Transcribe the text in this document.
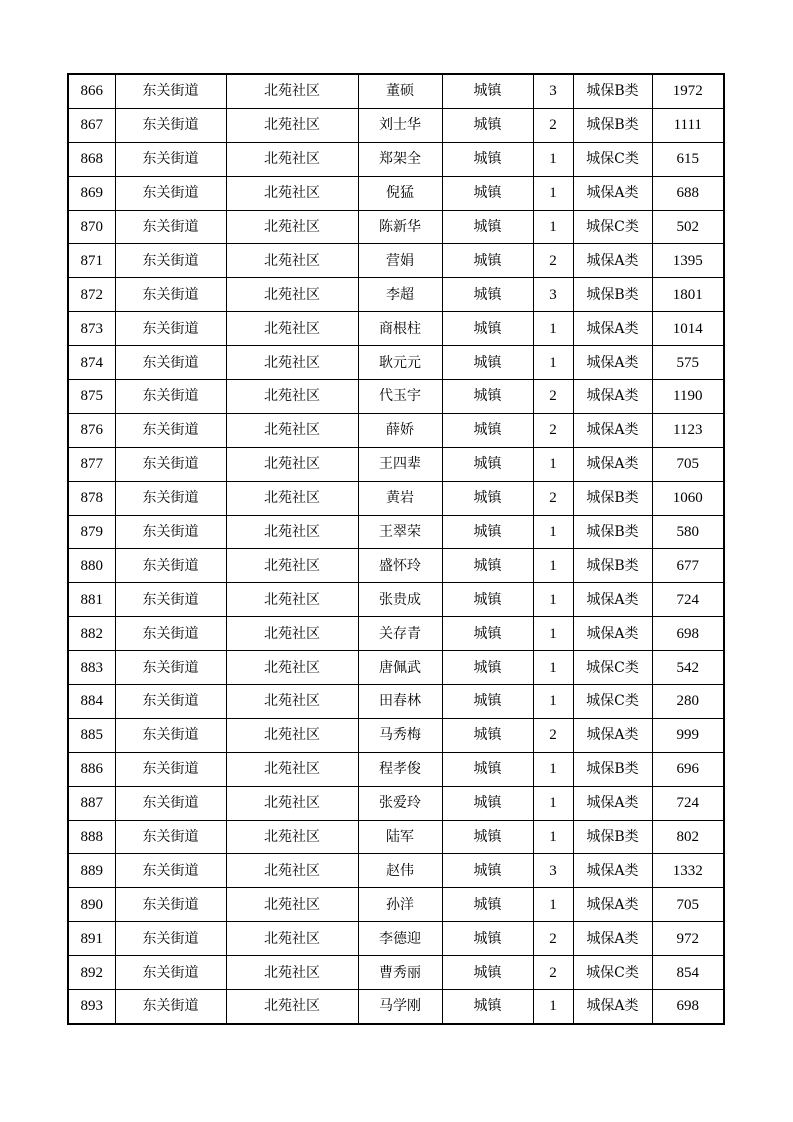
866	东关街道	北苑社区	董硕	城镇	3	城保B类	1972
867	东关街道	北苑社区	刘士华	城镇	2	城保B类	1111
868	东关街道	北苑社区	郑架全	城镇	1	城保C类	615
869	东关街道	北苑社区	倪猛	城镇	1	城保A类	688
870	东关街道	北苑社区	陈新华	城镇	1	城保C类	502
871	东关街道	北苑社区	营娟	城镇	2	城保A类	1395
872	东关街道	北苑社区	李超	城镇	3	城保B类	1801
873	东关街道	北苑社区	商根柱	城镇	1	城保A类	1014
874	东关街道	北苑社区	耿元元	城镇	1	城保A类	575
875	东关街道	北苑社区	代玉宇	城镇	2	城保A类	1190
876	东关街道	北苑社区	薛娇	城镇	2	城保A类	1123
877	东关街道	北苑社区	王四辈	城镇	1	城保A类	705
878	东关街道	北苑社区	黄岩	城镇	2	城保B类	1060
879	东关街道	北苑社区	王翠荣	城镇	1	城保B类	580
880	东关街道	北苑社区	盛怀玲	城镇	1	城保B类	677
881	东关街道	北苑社区	张贵成	城镇	1	城保A类	724
882	东关街道	北苑社区	关存青	城镇	1	城保A类	698
883	东关街道	北苑社区	唐佩武	城镇	1	城保C类	542
884	东关街道	北苑社区	田春林	城镇	1	城保C类	280
885	东关街道	北苑社区	马秀梅	城镇	2	城保A类	999
886	东关街道	北苑社区	程孝俊	城镇	1	城保B类	696
887	东关街道	北苑社区	张爱玲	城镇	1	城保A类	724
888	东关街道	北苑社区	陆军	城镇	1	城保B类	802
889	东关街道	北苑社区	赵伟	城镇	3	城保A类	1332
890	东关街道	北苑社区	孙洋	城镇	1	城保A类	705
891	东关街道	北苑社区	李德迎	城镇	2	城保A类	972
892	东关街道	北苑社区	曹秀丽	城镇	2	城保C类	854
893	东关街道	北苑社区	马学刚	城镇	1	城保A类	698
